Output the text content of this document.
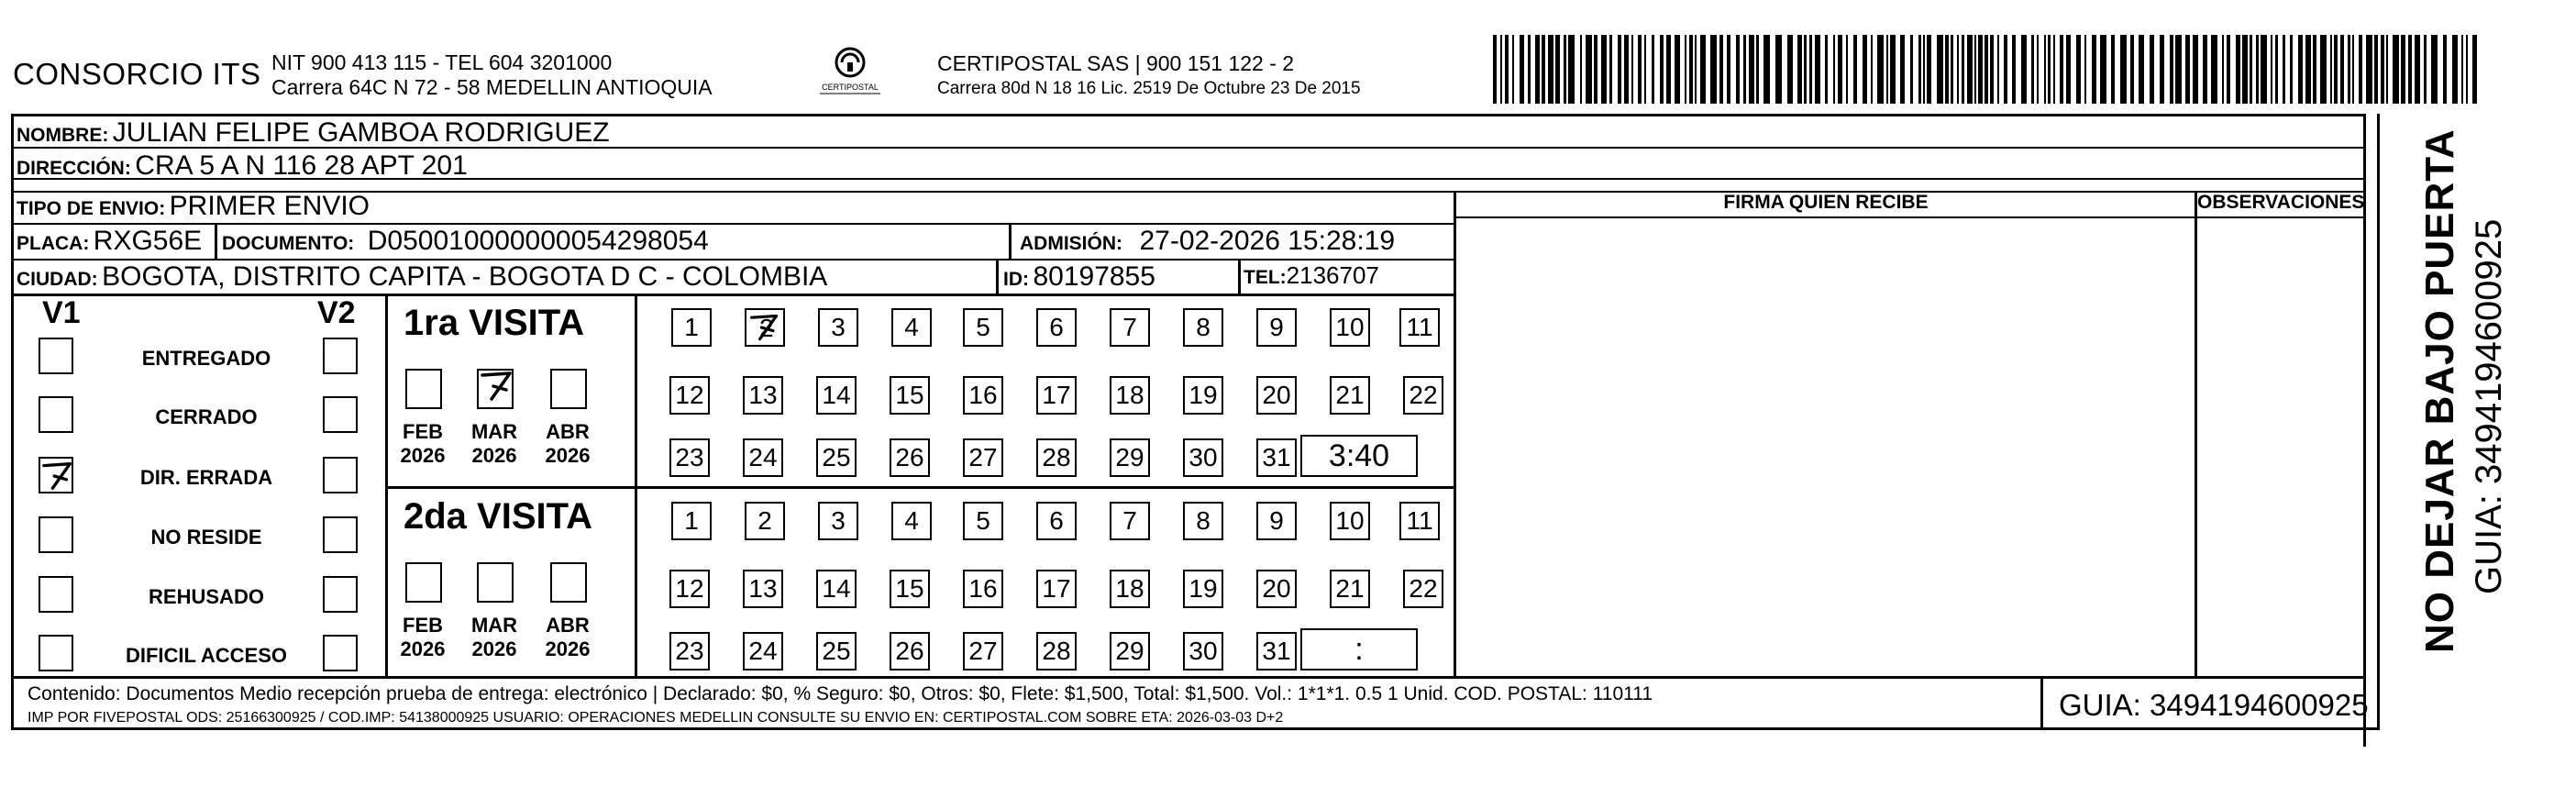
CONSORCIO ITS NIT 900 413 115 - TEL 604 3201000
Carrera 64C N 72 - 58 MEDELLIN ANTIOQUIA	CERTIPOSTAL
CERTIPOSTAL SAS | 900 151 122 - 2
Carrera 80d N 18 16 Lic. 2519 De Octubre 23 De 2015
NOMBRE: JULIAN FELIPE GAMBOA RODRIGUEZ
DIRECCIÓN: CRA 5 A N 116 28 APT 201
TIPO DE ENVIO: PRIMER ENVIO
PLACA: RXG56E DOCUMENTO: D050010000000054298054	ADMISIÓN: 27-02-2026 15:28:19
CIUDAD: BOGOTA, DISTRITO CAPITA - BOGOTA D C - COLOMBIA	ID: 80197855	TEL:2136707
FIRMA QUIEN RECIBE	OBSERVACIONES
V1	V2
ENTREGADO
CERRADO
DIR. ERRADA
NO RESIDE
REHUSADO
DIFICIL ACCESO
1ra VISITA
2da VISITA
FEB
2026
MAR
2026
ABR
2026
1	2	3	4	5	6	7	8	9	10 11
12 13 14 15 16 17 18 19 20 21 22
23 24 25 26 27 28 29 30 31	3:40
FEB
2026
MAR
2026
ABR
2026
1	2	3	4	5	6	7	8	9	10 11
12 13 14 15 16 17 18 19 20 21 22
23 24 25 26 27 28 29 30 31	:
Contenido: Documentos Medio recepción prueba de entrega: electrónico | Declarado: $0, % Seguro: $0, Otros: $0, Flete: $1,500, Total: $1,500. Vol.: 1*1*1. 0.5 1 Unid. COD. POSTAL: 110111
IMP POR FIVEPOSTAL ODS: 25166300925 / COD.IMP: 54138000925 USUARIO: OPERACIONES MEDELLIN CONSULTE SU ENVIO EN: CERTIPOSTAL.COM SOBRE ETA: 2026-03-03 D+2	GUIA: 3494194600925
NO DEJAR BAJO PUERTA GUIA: 3494194600925
